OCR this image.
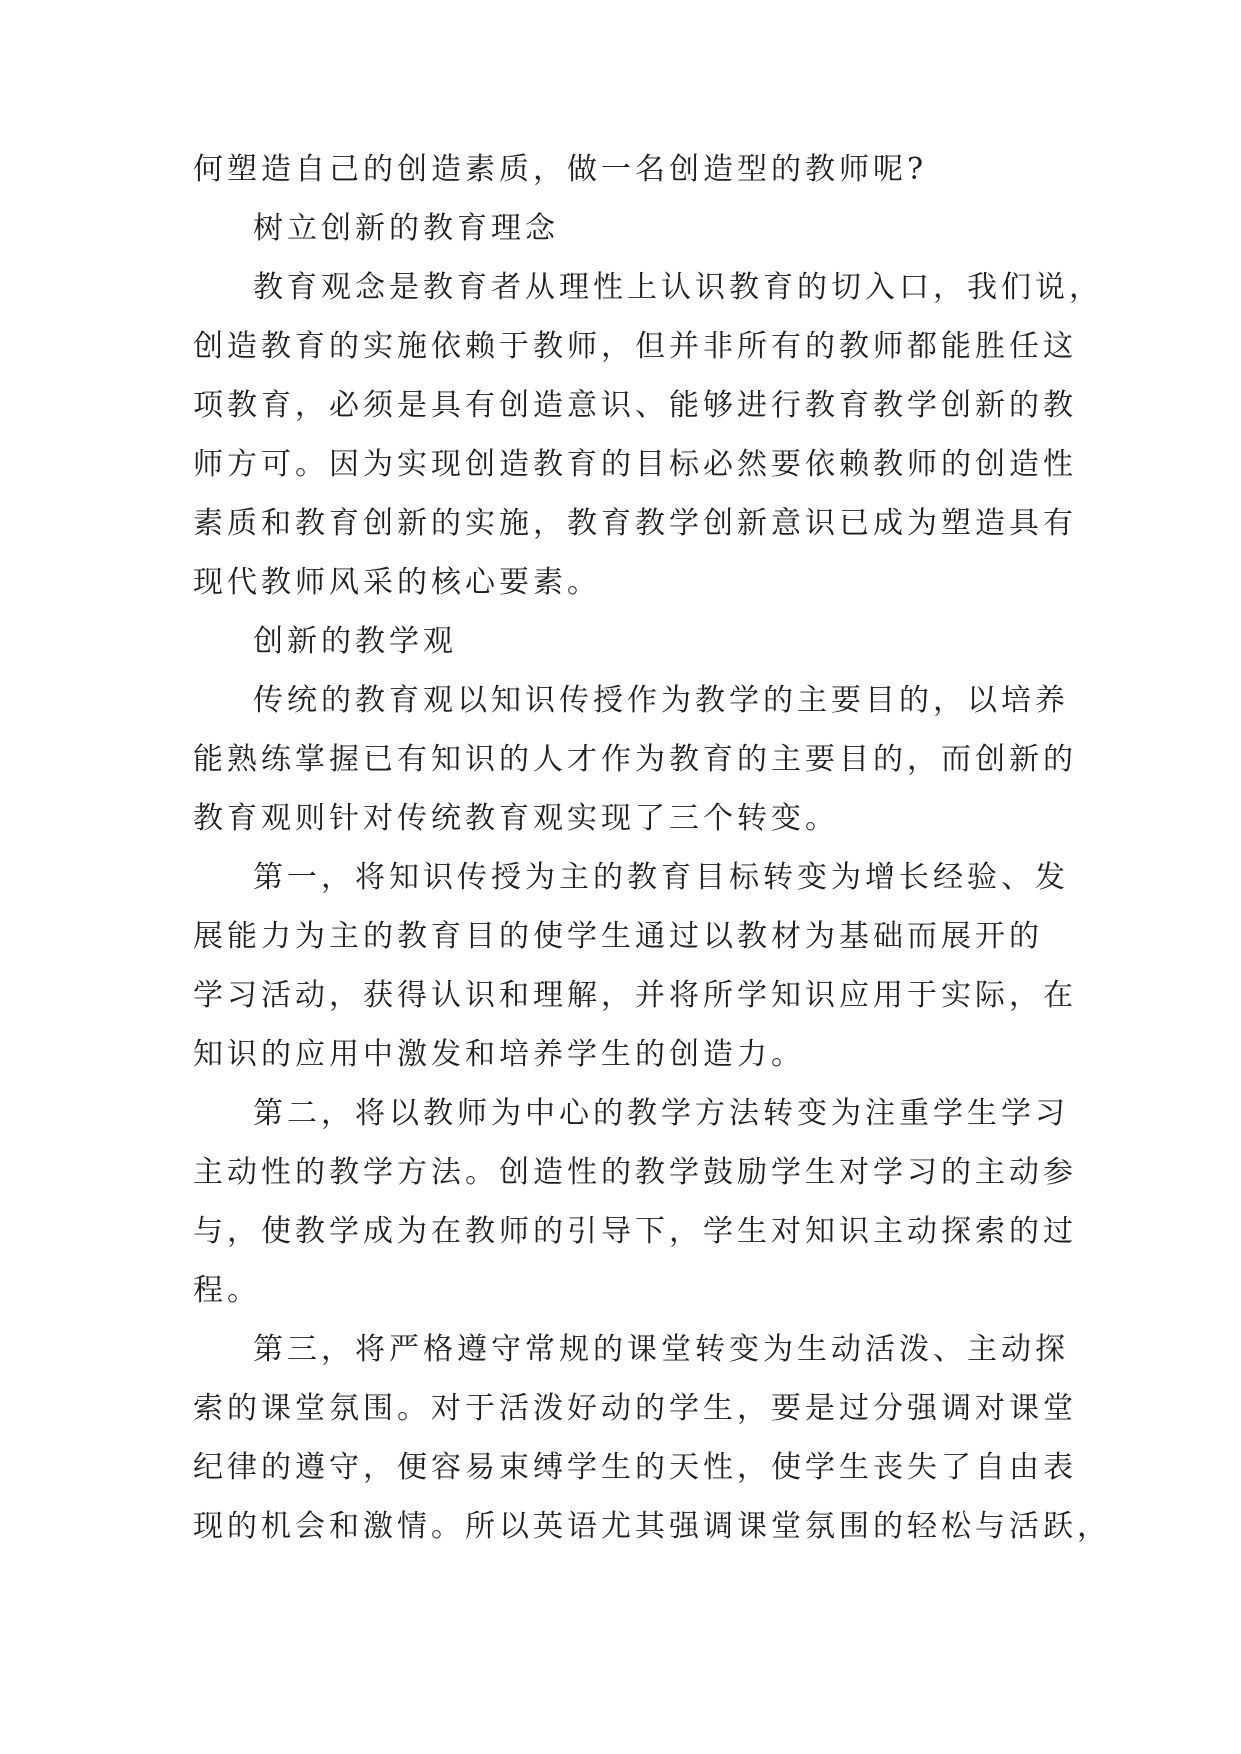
何塑造自己的创造素质，做一名创造型的教师呢?

树立创新的教育理念

教育观念是教育者从理性上认识教育的切入口，我们说，

创造教育的实施依赖于教师，但并非所有的教师都能胜任这

项教育，必须是具有创造意识、能够进行教育教学创新的教

师方可。因为实现创造教育的目标必然要依赖教师的创造性

素质和教育创新的实施，教育教学创新意识已成为塑造具有

现代教师风采的核心要素。

创新的教学观

传统的教育观以知识传授作为教学的主要目的，以培养

能熟练掌握已有知识的人才作为教育的主要目的，而创新的

教育观则针对传统教育观实现了三个转变。

第一，将知识传授为主的教育目标转变为增长经验、发

展能力为主的教育目的使学生通过以教材为基础而展开的

学习活动，获得认识和理解，并将所学知识应用于实际，在

知识的应用中激发和培养学生的创造力。

第二，将以教师为中心的教学方法转变为注重学生学习

主动性的教学方法。创造性的教学鼓励学生对学习的主动参

与，使教学成为在教师的引导下，学生对知识主动探索的过

程。

第三，将严格遵守常规的课堂转变为生动活泼、主动探

索的课堂氛围。对于活泼好动的学生，要是过分强调对课堂

纪律的遵守，便容易束缚学生的天性，使学生丧失了自由表

现的机会和激情。所以英语尤其强调课堂氛围的轻松与活跃，
